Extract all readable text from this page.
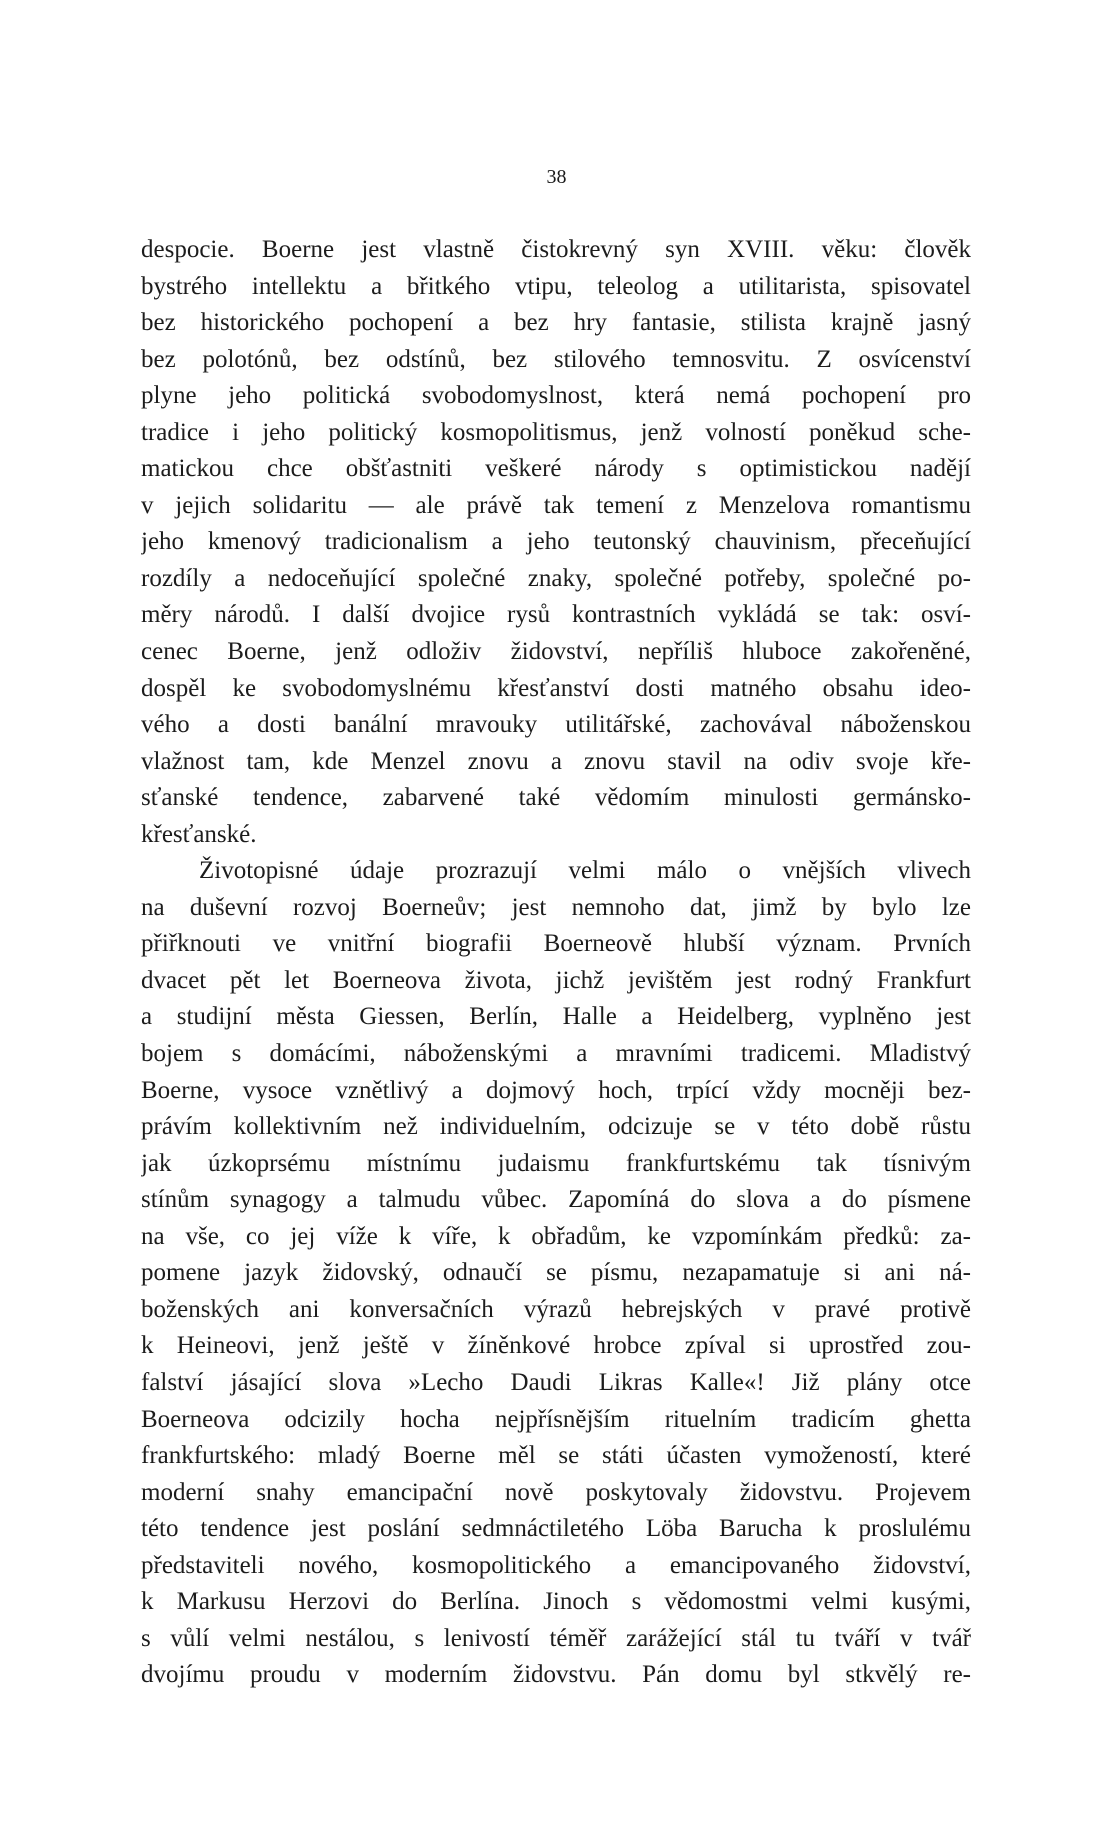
38
despocie. Boerne jest vlastně čistokrevný syn XVIII. věku: člověk
bystrého intellektu a břitkého vtipu, teleolog a utilitarista, spisovatel
bez historického pochopení a bez hry fantasie, stilista krajně jasný
bez polotónů, bez odstínů, bez stilového temnosvitu. Z osvícenství
plyne jeho politická svobodomyslnost, která nemá pochopení pro
tradice i jeho politický kosmopolitismus, jenž volností poněkud sche-
matickou chce obšťastniti veškeré národy s optimistickou nadějí
v jejich solidaritu — ale právě tak temení z Menzelova romantismu
jeho kmenový tradicionalism a jeho teutonský chauvinism, přeceňující
rozdíly a nedoceňující společné znaky, společné potřeby, společné po-
měry národů. I další dvojice rysů kontrastních vykládá se tak: osví-
cenec Boerne, jenž odloživ židovství, nepříliš hluboce zakořeněné,
dospěl ke svobodomyslnému křesťanství dosti matného obsahu ideo-
vého a dosti banální mravouky utilitářské, zachovával náboženskou
vlažnost tam, kde Menzel znovu a znovu stavil na odiv svoje kře-
sťanské tendence, zabarvené také vědomím minulosti germánsko-
křesťanské.
Životopisné údaje prozrazují velmi málo o vnějších vlivech
na duševní rozvoj Boerneův; jest nemnoho dat, jimž by bylo lze
přiřknouti ve vnitřní biografii Boerneově hlubší význam. Prvních
dvacet pět let Boerneova života, jichž jevištěm jest rodný Frankfurt
a studijní města Giessen, Berlín, Halle a Heidelberg, vyplněno jest
bojem s domácími, náboženskými a mravními tradicemi. Mladistvý
Boerne, vysoce vznětlivý a dojmový hoch, trpící vždy mocněji bez-
právím kollektivním než individuelním, odcizuje se v této době růstu
jak úzkoprsému místnímu judaismu frankfurtskému tak tísnivým
stínům synagogy a talmudu vůbec. Zapomíná do slova a do písmene
na vše, co jej víže k víře, k obřadům, ke vzpomínkám předků: za-
pomene jazyk židovský, odnaučí se písmu, nezapamatuje si ani ná-
boženských ani konversačních výrazů hebrejských v pravé protivě
k Heineovi, jenž ještě v žíněnkové hrobce zpíval si uprostřed zou-
falství jásající slova »Lecho Daudi Likras Kalle«! Již plány otce
Boerneova odcizily hocha nejpřísnějším rituelním tradicím ghetta
frankfurtského: mladý Boerne měl se státi účasten vymožeností, které
moderní snahy emancipační nově poskytovaly židovstvu. Projevem
této tendence jest poslání sedmnáctiletého Löba Barucha k proslulému
představiteli nového, kosmopolitického a emancipovaného židovství,
k Markusu Herzovi do Berlína. Jinoch s vědomostmi velmi kusými,
s vůlí velmi nestálou, s lenivostí téměř zarážející stál tu tváří v tvář
dvojímu proudu v moderním židovstvu. Pán domu byl stkvělý re-
